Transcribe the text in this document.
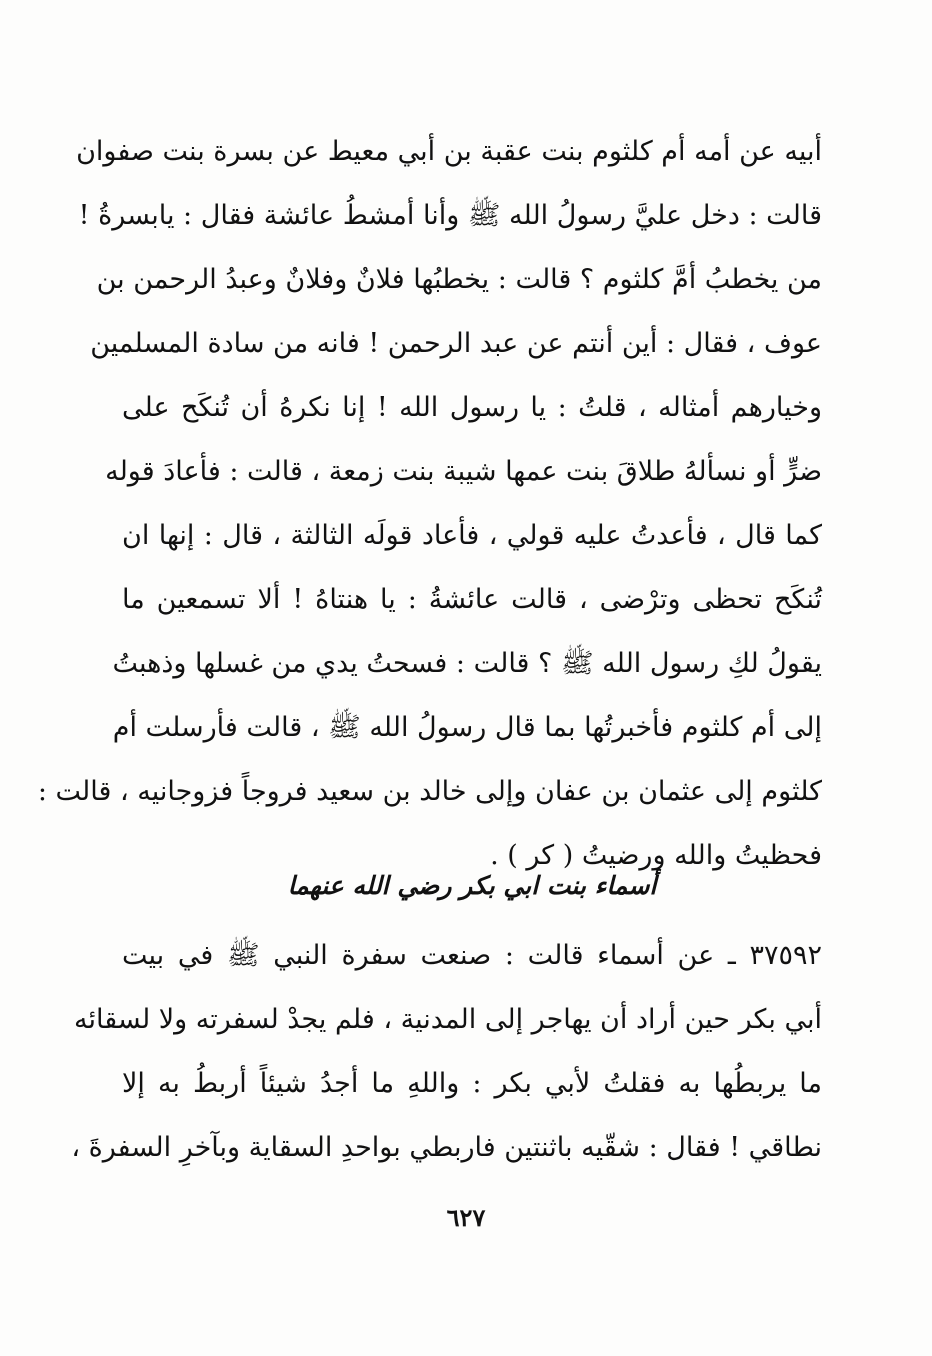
أبيه عن أمه أم كلثوم بنت عقبة بن أبي معيط عن بسرة بنت صفوان
قالت : دخل عليَّ رسولُ الله ﷺ وأنا أمشطُ عائشة فقال : يابسرةُ !
من يخطبُ أمَّ كلثوم ؟ قالت : يخطبُها فلانٌ وفلانٌ وعبدُ الرحمن بن
عوف ، فقال : أين أنتم عن عبد الرحمن ! فانه من سادة المسلمين
وخيارهم أمثاله ، قلتُ : يا رسول الله ! إنا نكرهُ أن تُنكَح على
ضرٍّ أو نسألهُ طلاقَ بنت عمها شيبة بنت زمعة ، قالت : فأعادَ قوله
كما قال ، فأعدتُ عليه قولي ، فأعاد قولَه الثالثة ، قال : إنها ان
تُنكَح تحظى وترْضى ، قالت عائشةُ : يا هنتاهُ ! ألا تسمعين ما
يقولُ لكِ رسول الله ﷺ ؟ قالت : فسحتُ يدي من غسلها وذهبتُ
إلى أم كلثوم فأخبرتُها بما قال رسولُ الله ﷺ ، قالت فأرسلت أم
كلثوم إلى عثمان بن عفان وإلى خالد بن سعيد فروجاً فزوجانيه ، قالت :
فحظيتُ والله ورضيتُ ( كر ) .
أسماء بنت ابي بكر رضي الله عنهما
٣٧٥٩٢ ـ عن أسماء قالت : صنعت سفرة النبي ﷺ في بيت
أبي بكر حين أراد أن يهاجر إلى المدنية ، فلم يجدْ لسفرته ولا لسقائه
ما يربطُها به فقلتُ لأبي بكر : واللهِ ما أجدُ شيئاً أربطُ به إلا
نطاقي ! فقال : شقّيه باثنتين فاربطي بواحدِ السقاية وبآخرِ السفرةَ ،
٦٢٧
